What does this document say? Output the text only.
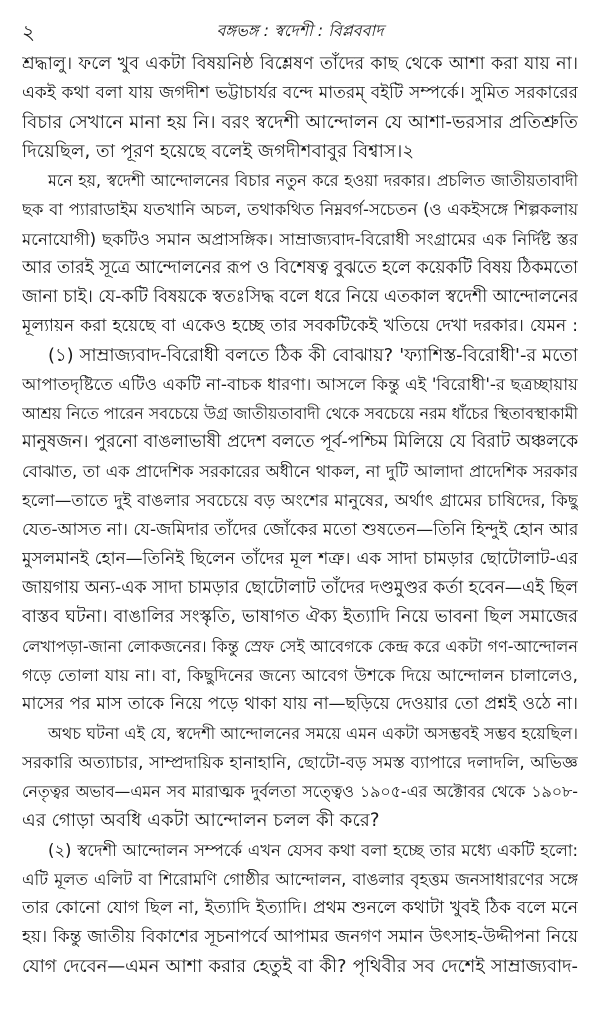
২	বঙ্গভঙ্গ : স্বদেশী : বিপ্লববাদ
শ্রদ্ধালু। ফলে খুব একটা বিষয়নিষ্ঠ বিশ্লেষণ তাঁদের কাছ থেকে আশা করা যায় না।
একই কথা বলা যায় জগদীশ ভট্টাচার্যর বন্দে মাতরম্ বইটি সম্পর্কে। সুমিত সরকারের
বিচার সেখানে মানা হয় নি। বরং স্বদেশী আন্দোলন যে আশা-ভরসার প্রতিশ্রুতি
দিয়েছিল, তা পূরণ হয়েছে বলেই জগদীশবাবুর বিশ্বাস।২
মনে হয়, স্বদেশী আন্দোলনের বিচার নতুন করে হওয়া দরকার। প্রচলিত জাতীয়তাবাদী
ছক বা প্যারাডাইম যতখানি অচল, তথাকথিত নিম্নবর্গ-সচেতন (ও একইসঙ্গে শিল্পকলায়
মনোযোগী) ছকটিও সমান অপ্রাসঙ্গিক। সাম্রাজ্যবাদ-বিরোধী সংগ্রামের এক নির্দিষ্ট স্তর
আর তারই সূত্রে আন্দোলনের রূপ ও বিশেষত্ব বুঝতে হলে কয়েকটি বিষয় ঠিকমতো
জানা চাই। যে-কটি বিষয়কে স্বতঃসিদ্ধ বলে ধরে নিয়ে এতকাল স্বদেশী আন্দোলনের
মূল্যায়ন করা হয়েছে বা একেও হচ্ছে তার সবকটিকেই খতিয়ে দেখা দরকার। যেমন :
(১) সাম্রাজ্যবাদ-বিরোধী বলতে ঠিক কী বোঝায়? 'ফ্যাশিস্ত-বিরোধী'-র মতো
আপাতদৃষ্টিতে এটিও একটি না-বাচক ধারণা। আসলে কিন্তু এই 'বিরোধী'-র ছত্রচ্ছায়ায়
আশ্রয় নিতে পারেন সবচেয়ে উগ্র জাতীয়তাবাদী থেকে সবচেয়ে নরম ধাঁচের স্থিতাবস্থাকামী
মানুষজন। পুরনো বাঙলাভাষী প্রদেশ বলতে পূর্ব-পশ্চিম মিলিয়ে যে বিরাট অঞ্চলকে
বোঝাত, তা এক প্রাদেশিক সরকারের অধীনে থাকল, না দুটি আলাদা প্রাদেশিক সরকার
হলো—তাতে দুই বাঙলার সবচেয়ে বড় অংশের মানুষের, অর্থাৎ গ্রামের চাষিদের, কিছু
যেত-আসত না। যে-জমিদার তাঁদের জোঁকের মতো শুষতেন—তিনি হিন্দুই হোন আর
মুসলমানই হোন—তিনিই ছিলেন তাঁদের মূল শত্রু। এক সাদা চামড়ার ছোটোলাট-এর
জায়গায় অন্য-এক সাদা চামড়ার ছোটোলাট তাঁদের দণ্ডমুণ্ডর কর্তা হবেন—এই ছিল
বাস্তব ঘটনা। বাঙালির সংস্কৃতি, ভাষাগত ঐক্য ইত্যাদি নিয়ে ভাবনা ছিল সমাজের
লেখাপড়া-জানা লোকজনের। কিন্তু স্রেফ সেই আবেগকে কেন্দ্র করে একটা গণ-আন্দোলন
গড়ে তোলা যায় না। বা, কিছুদিনের জন্যে আবেগ উশকে দিয়ে আন্দোলন চালালেও,
মাসের পর মাস তাকে নিয়ে পড়ে থাকা যায় না—ছড়িয়ে দেওয়ার তো প্রশ্নই ওঠে না।
অথচ ঘটনা এই যে, স্বদেশী আন্দোলনের সময়ে এমন একটা অসম্ভবই সম্ভব হয়েছিল।
সরকারি অত্যাচার, সাম্প্রদায়িক হানাহানি, ছোটো-বড় সমস্ত ব্যাপারে দলাদলি, অভিজ্ঞ
নেতৃত্বর অভাব—এমন সব মারাত্মক দুর্বলতা সত্ত্বেও ১৯০৫-এর অক্টোবর থেকে ১৯০৮-
এর গোড়া অবধি একটা আন্দোলন চলল কী করে?
(২) স্বদেশী আন্দোলন সম্পর্কে এখন যেসব কথা বলা হচ্ছে তার মধ্যে একটি হলো:
এটি মূলত এলিট বা শিরোমণি গোষ্ঠীর আন্দোলন, বাঙলার বৃহত্তম জনসাধারণের সঙ্গে
তার কোনো যোগ ছিল না, ইত্যাদি ইত্যাদি। প্রথম শুনলে কথাটা খুবই ঠিক বলে মনে
হয়। কিন্তু জাতীয় বিকাশের সূচনাপর্বে আপামর জনগণ সমান উৎসাহ-উদ্দীপনা নিয়ে
যোগ দেবেন—এমন আশা করার হেতুই বা কী? পৃথিবীর সব দেশেই সাম্রাজ্যবাদ-
